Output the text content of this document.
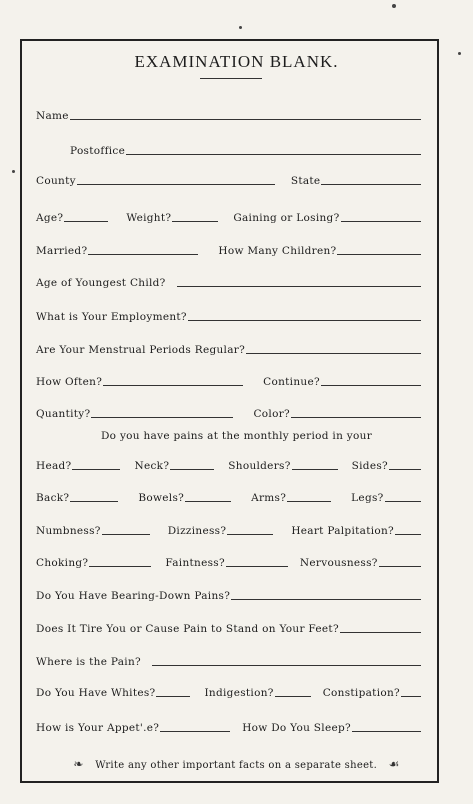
EXAMINATION BLANK.
Name
Postoffice
County	State
Age?	Weight?	Gaining or Losing?
Married?	How Many Children?
Age of Youngest Child?
What is Your Employment?
Are Your Menstrual Periods Regular?
How Often?	Continue?
Quantity?	Color?
Do you have pains at the monthly period in your
Head?	Neck?	Shoulders?	Sides?
Back?	Bowels?	Arms?	Legs?
Numbness?	Dizziness?	Heart Palpitation?
Choking?	Faintness?	Nervousness?
Do You Have Bearing-Down Pains?
Does It Tire You or Cause Pain to Stand on Your Feet?
Where is the Pain?
Do You Have Whites?	Indigestion?	Constipation?
How is Your Appet'.e?	How Do You Sleep?
❧ Write any other important facts on a separate sheet. ☙
